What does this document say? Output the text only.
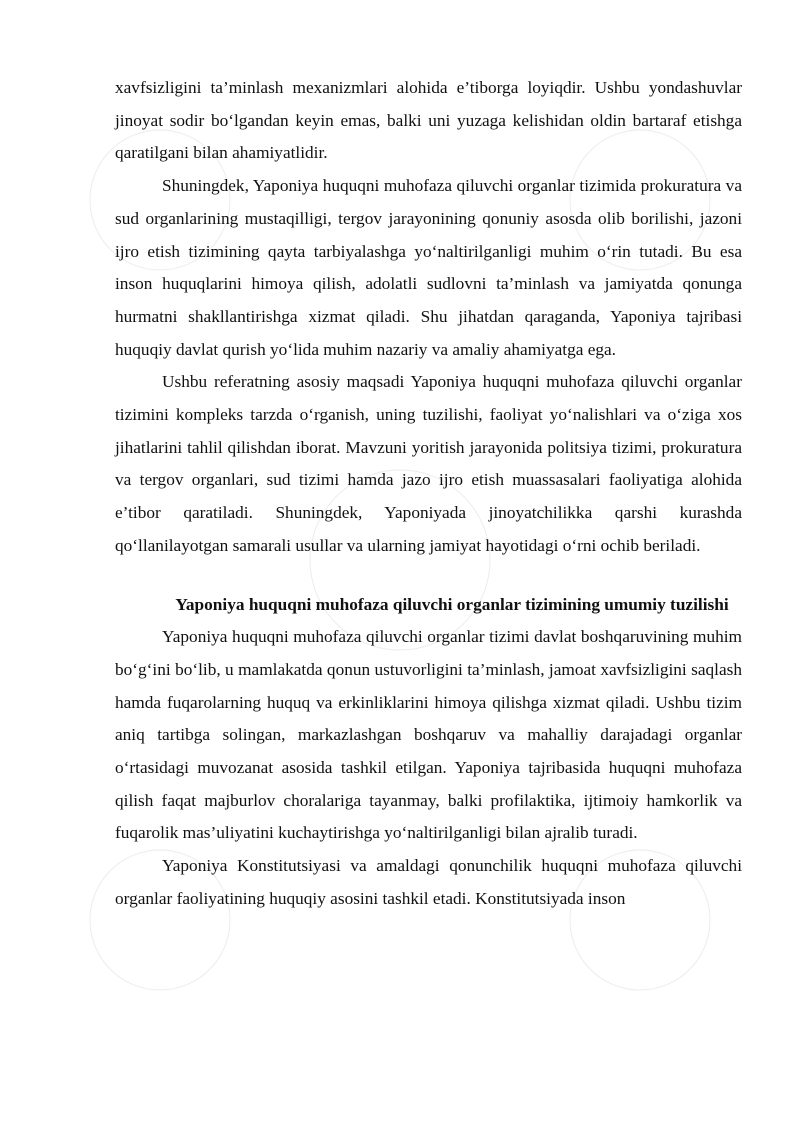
xavfsizligini ta’minlash mexanizmlari alohida e’tiborga loyiqdir. Ushbu yondashuvlar jinoyat sodir bo‘lgandan keyin emas, balki uni yuzaga kelishidan oldin bartaraf etishga qaratilgani bilan ahamiyatlidir.

Shuningdek, Yaponiya huquqni muhofaza qiluvchi organlar tizimida prokuratura va sud organlarining mustaqilligi, tergov jarayonining qonuniy asosda olib borilishi, jazoni ijro etish tizimining qayta tarbiyalashga yo‘naltirilganligi muhim o‘rin tutadi. Bu esa inson huquqlarini himoya qilish, adolatli sudlovni ta’minlash va jamiyatda qonunga hurmatni shakllantirishga xizmat qiladi. Shu jihatdan qaraganda, Yaponiya tajribasi huquqiy davlat qurish yo‘lida muhim nazariy va amaliy ahamiyatga ega.

Ushbu referatning asosiy maqsadi Yaponiya huquqni muhofaza qiluvchi organlar tizimini kompleks tarzda o‘rganish, uning tuzilishi, faoliyat yo‘nalishlari va o‘ziga xos jihatlarini tahlil qilishdan iborat. Mavzuni yoritish jarayonida politsiya tizimi, prokuratura va tergov organlari, sud tizimi hamda jazo ijro etish muassasalari faoliyatiga alohida e’tibor qaratiladi. Shuningdek, Yaponiyada jinoyatchilikka qarshi kurashda qo‘llanilayotgan samarali usullar va ularning jamiyat hayotidagi o‘rni ochib beriladi.

Yaponiya huquqni muhofaza qiluvchi organlar tizimining umumiy tuzilishi

Yaponiya huquqni muhofaza qiluvchi organlar tizimi davlat boshqaruvining muhim bo‘g‘ini bo‘lib, u mamlakatda qonun ustuvorligini ta’minlash, jamoat xavfsizligini saqlash hamda fuqarolarning huquq va erkinliklarini himoya qilishga xizmat qiladi. Ushbu tizim aniq tartibga solingan, markazlashgan boshqaruv va mahalliy darajadagi organlar o‘rtasidagi muvozanat asosida tashkil etilgan. Yaponiya tajribasida huquqni muhofaza qilish faqat majburlov choralariga tayanmay, balki profilaktika, ijtimoiy hamkorlik va fuqarolik mas’uliyatini kuchaytirishga yo‘naltirilganligi bilan ajralib turadi.

Yaponiya Konstitutsiyasi va amaldagi qonunchilik huquqni muhofaza qiluvchi organlar faoliyatining huquqiy asosini tashkil etadi. Konstitutsiyada inson
